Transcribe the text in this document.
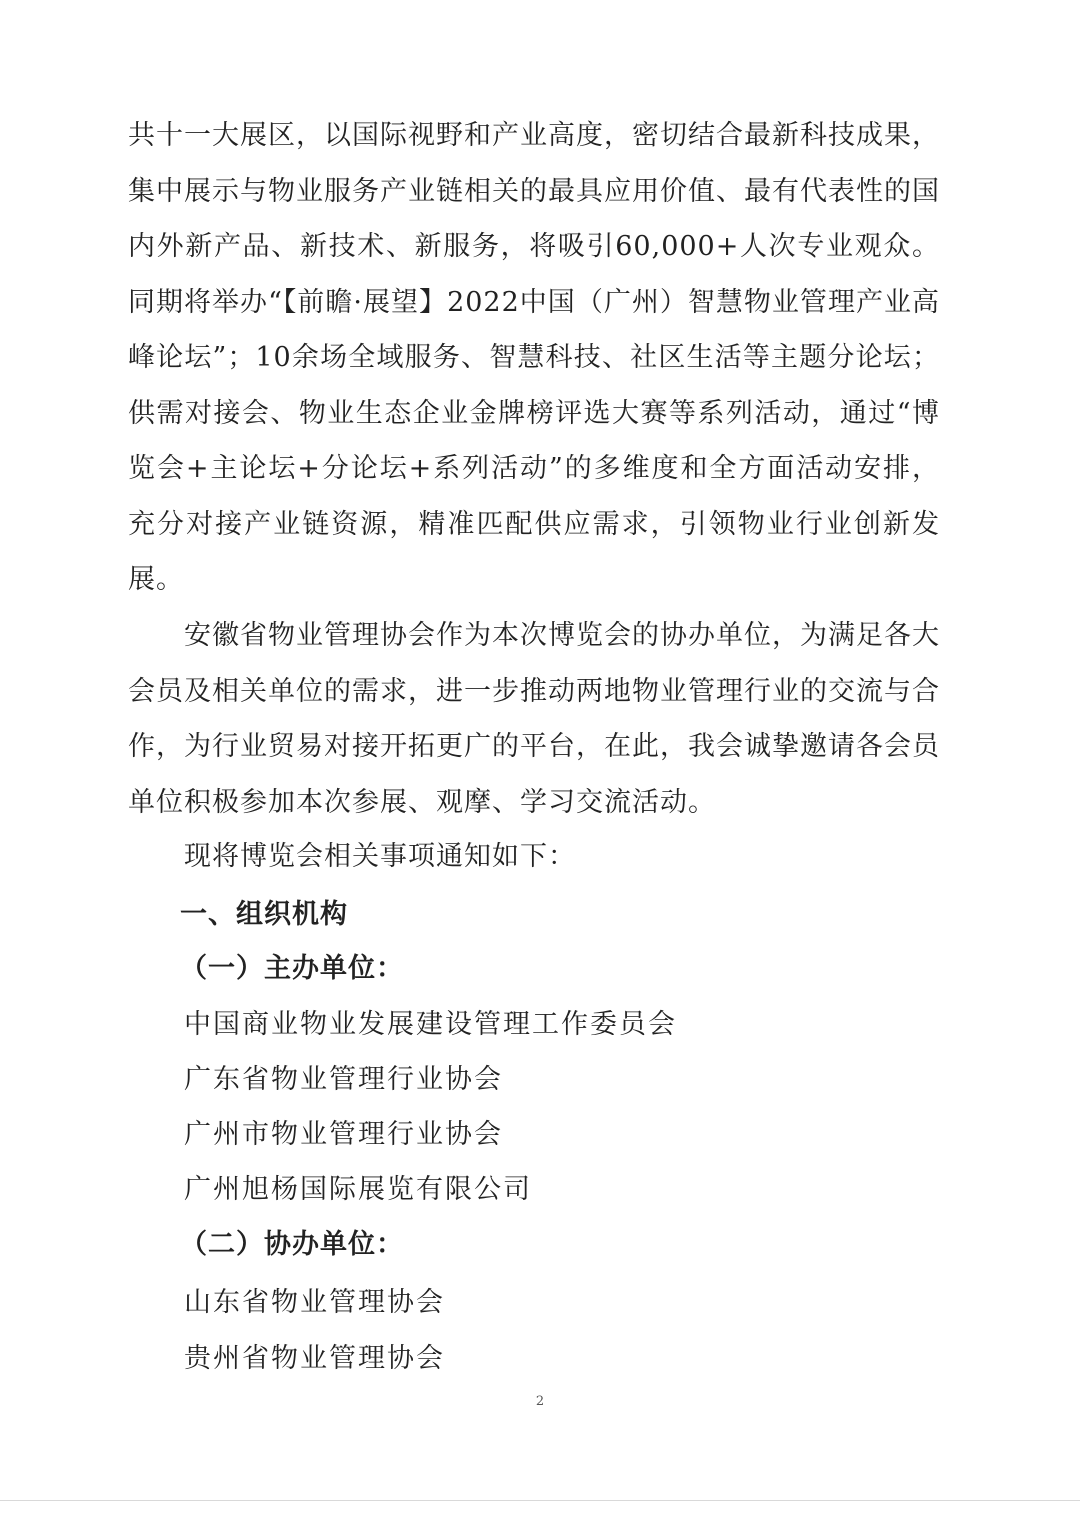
共十一大展区，以国际视野和产业高度，密切结合最新科技成果，集中展示与物业服务产业链相关的最具应用价值、最有代表性的国内外新产品、新技术、新服务，将吸引60,000+人次专业观众。同期将举办“【前瞻·展望】2022中国（广州）智慧物业管理产业高峰论坛”；10余场全域服务、智慧科技、社区生活等主题分论坛；供需对接会、物业生态企业金牌榜评选大赛等系列活动，通过“博览会+主论坛+分论坛+系列活动”的多维度和全方面活动安排，充分对接产业链资源，精准匹配供应需求，引领物业行业创新发展。

安徽省物业管理协会作为本次博览会的协办单位，为满足各大会员及相关单位的需求，进一步推动两地物业管理行业的交流与合作，为行业贸易对接开拓更广的平台，在此，我会诚挚邀请各会员单位积极参加本次参展、观摩、学习交流活动。

现将博览会相关事项通知如下：

一、组织机构

（一）主办单位：

中国商业物业发展建设管理工作委员会

广东省物业管理行业协会

广州市物业管理行业协会

广州旭杨国际展览有限公司

（二）协办单位：

山东省物业管理协会

贵州省物业管理协会

2
